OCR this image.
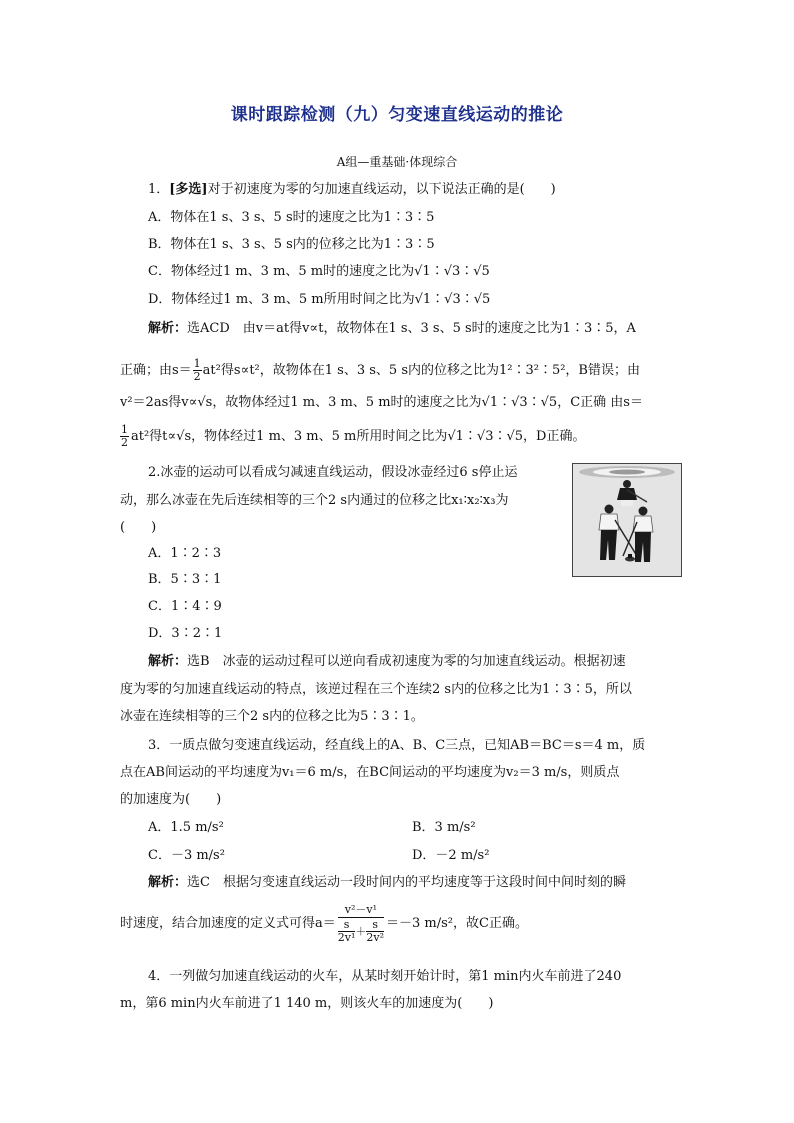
课时跟踪检测（九）匀变速直线运动的推论
A组—重基础·体现综合
1．[多选]对于初速度为零的匀加速直线运动，以下说法正确的是(　　)
A．物体在1 s、3 s、5 s时的速度之比为1∶3∶5
B．物体在1 s、3 s、5 s内的位移之比为1∶3∶5
C．物体经过1 m、3 m、5 m时的速度之比为√1∶√3∶√5
D．物体经过1 m、3 m、5 m所用时间之比为√1∶√3∶√5
解析：选ACD　由v＝at得v∝t，故物体在1 s、3 s、5 s时的速度之比为1∶3∶5，A
正确；由$s= \frac{1}{2} at^2$得s∝t²，故物体在1 s、3 s、5 s内的位移之比为1²∶3²∶5²，B错误；由
v²＝2as得v∝√s，故物体经过1 m、3 m、5 m时的速度之比为√1∶√3∶√5，C正确 由s＝
$\frac{1}{2} at^2$得t∝√s，物体经过1 m、3 m、5 m所用时间之比为√1∶√3∶√5，D正确。
2.冰壶的运动可以看成匀减速直线运动，假设冰壶经过6 s停止运
动，那么冰壶在先后连续相等的三个2 s内通过的位移之比x₁∶x₂∶x₃为
(　　)
A．1∶2∶3
B．5∶3∶1
C．1∶4∶9
D．3∶2∶1
解析：选B　冰壶的运动过程可以逆向看成初速度为零的匀加速直线运动。根据初速
度为零的匀加速直线运动的特点，该逆过程在三个连续2 s内的位移之比为1∶3∶5，所以
冰壶在连续相等的三个2 s内的位移之比为5∶3∶1。
3．一质点做匀变速直线运动，经直线上的A、B、C三点，已知AB＝BC＝s＝4 m，质
点在AB间运动的平均速度为v₁＝6 m/s，在BC间运动的平均速度为v₂＝3 m/s，则质点
的加速度为(　　)
A．1.5 m/s²	B．3 m/s²
C．－3 m/s²	D．－2 m/s²
解析：选C　根据匀变速直线运动一段时间内的平均速度等于这段时间中间时刻的瞬
时速度，结合加速度的定义式可得$a= \frac{\text{v²－v¹}}{\frac{s}{\text{2v¹}} + \frac{s}{\text{2v²}}} =-3$ m/s²，故C正确。
4．一列做匀加速直线运动的火车，从某时刻开始计时，第1 min内火车前进了240
m，第6 min内火车前进了1 140 m，则该火车的加速度为(　　)
